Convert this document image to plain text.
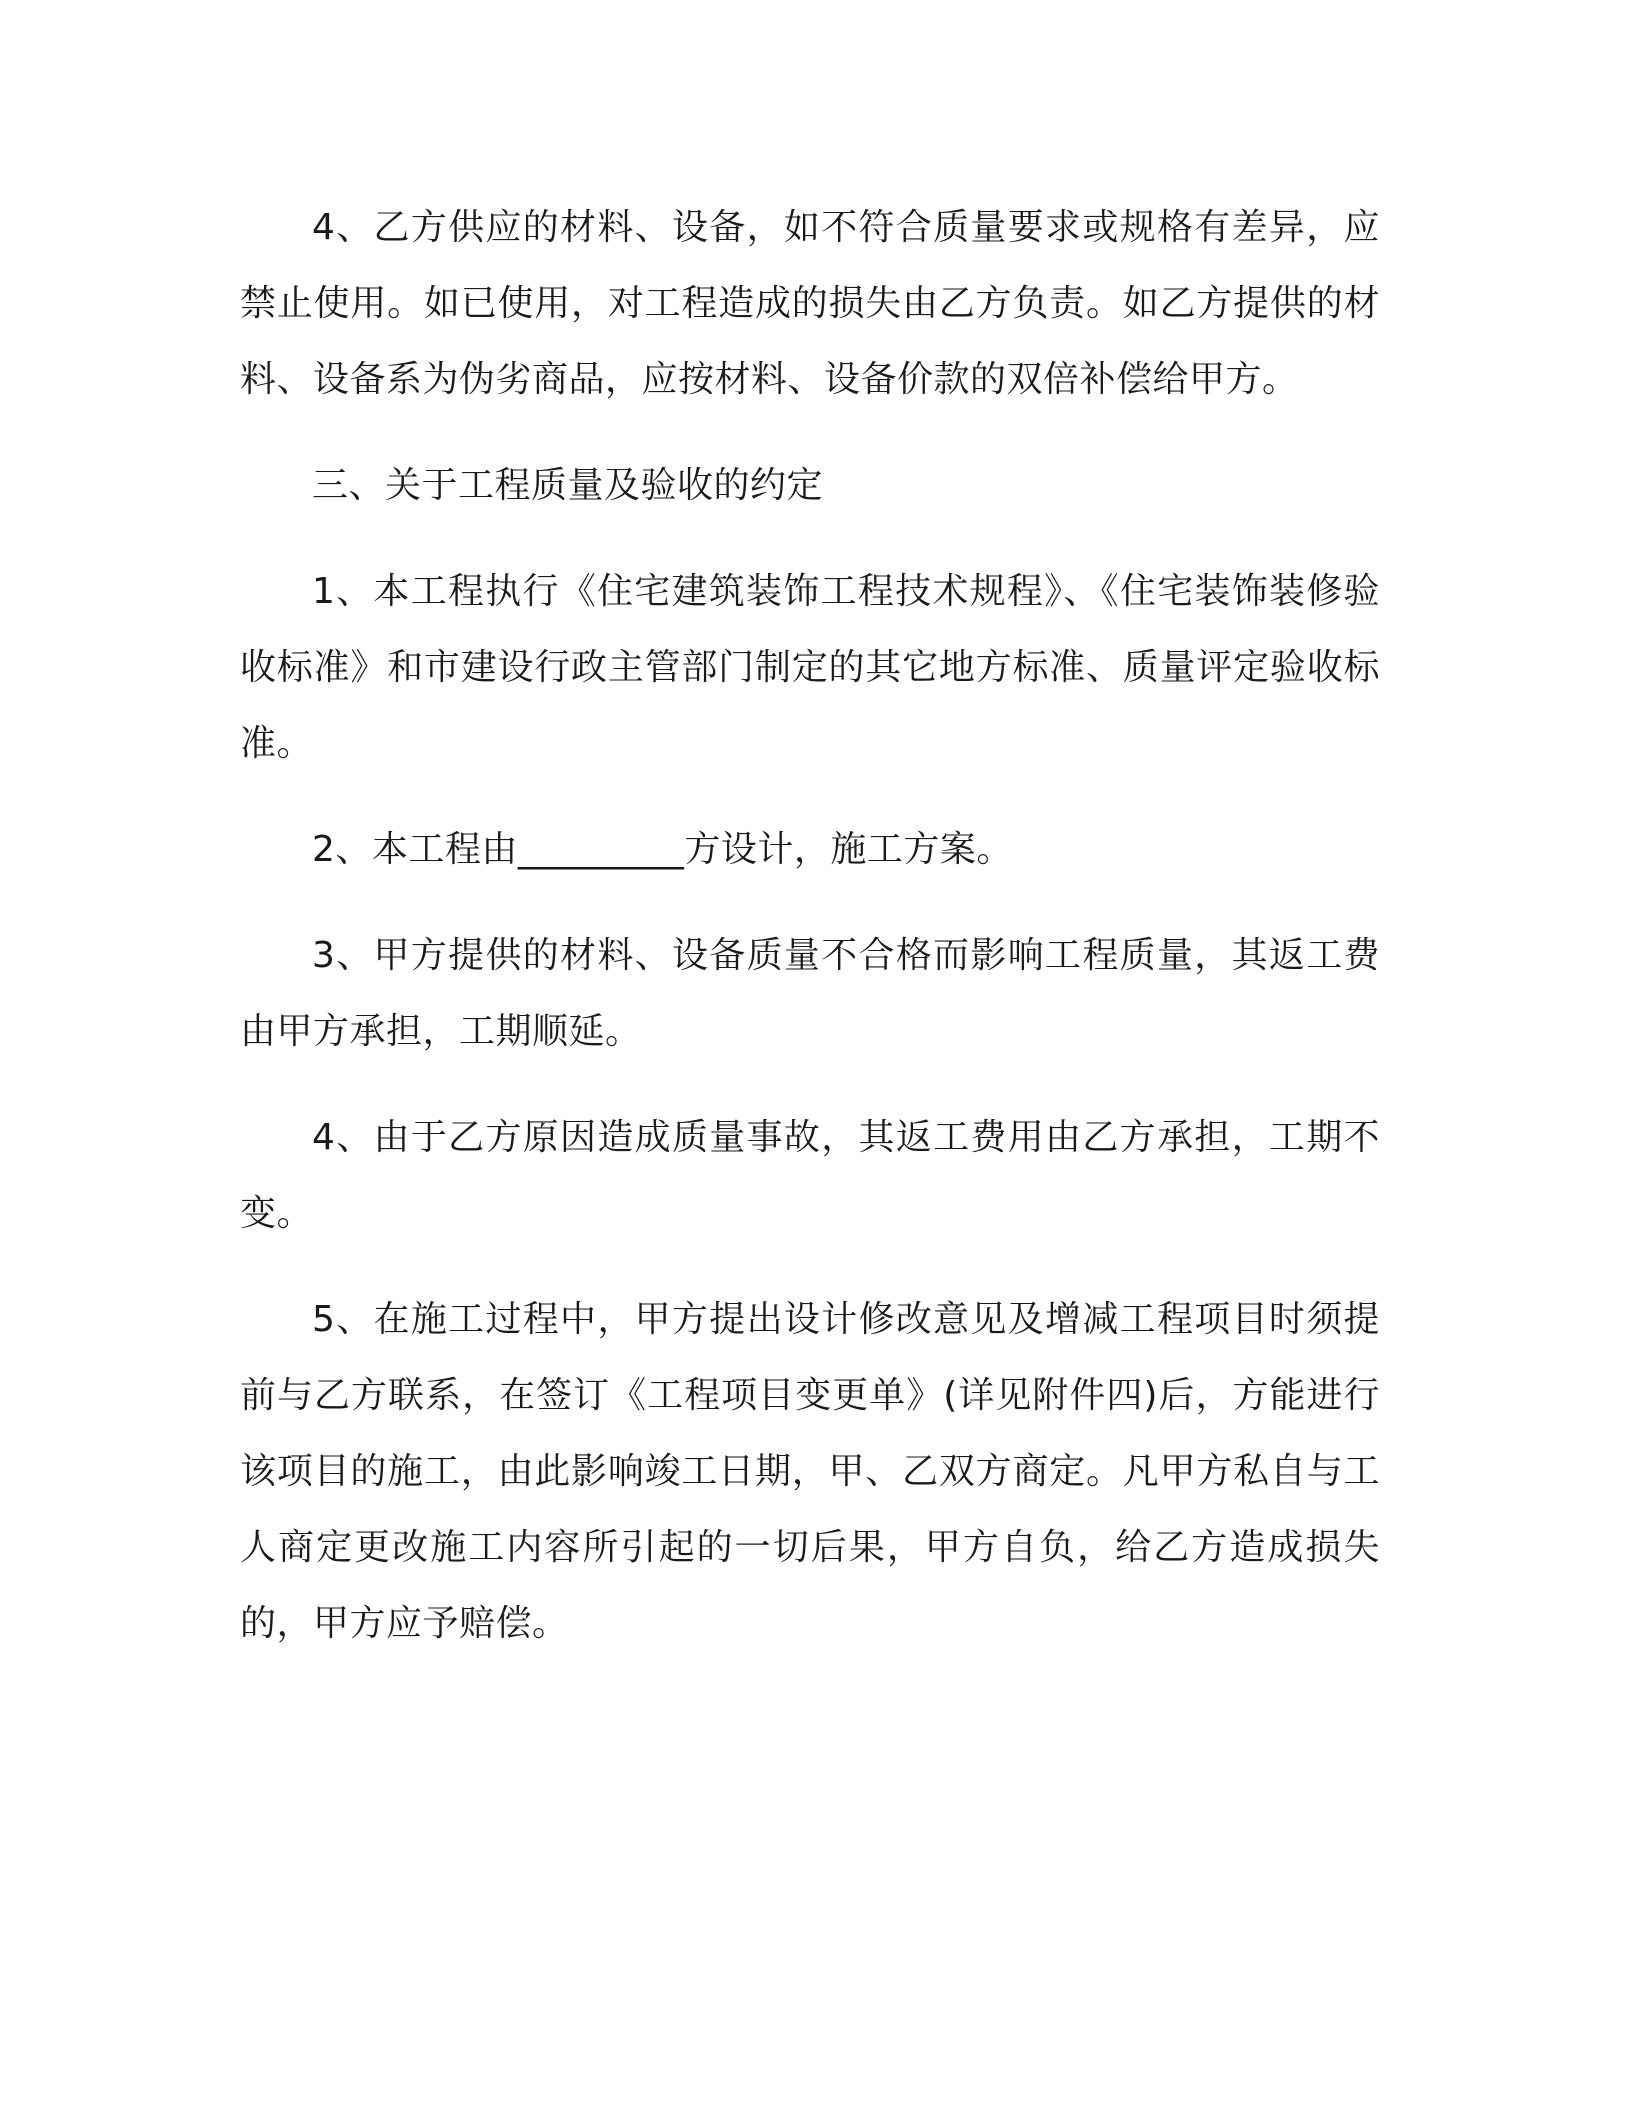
4、乙方供应的材料、设备，如不符合质量要求或规格有差异，应禁止使用。如已使用，对工程造成的损失由乙方负责。如乙方提供的材料、设备系为伪劣商品，应按材料、设备价款的双倍补偿给甲方。

三、关于工程质量及验收的约定

1、本工程执行《住宅建筑装饰工程技术规程》、《住宅装饰装修验收标准》和市建设行政主管部门制定的其它地方标准、质量评定验收标准。

2、本工程由_________方设计，施工方案。

3、甲方提供的材料、设备质量不合格而影响工程质量，其返工费由甲方承担，工期顺延。

4、由于乙方原因造成质量事故，其返工费用由乙方承担，工期不变。

5、在施工过程中，甲方提出设计修改意见及增减工程项目时须提前与乙方联系，在签订《工程项目变更单》(详见附件四)后，方能进行该项目的施工，由此影响竣工日期，甲、乙双方商定。凡甲方私自与工人商定更改施工内容所引起的一切后果，甲方自负，给乙方造成损失的，甲方应予赔偿。
